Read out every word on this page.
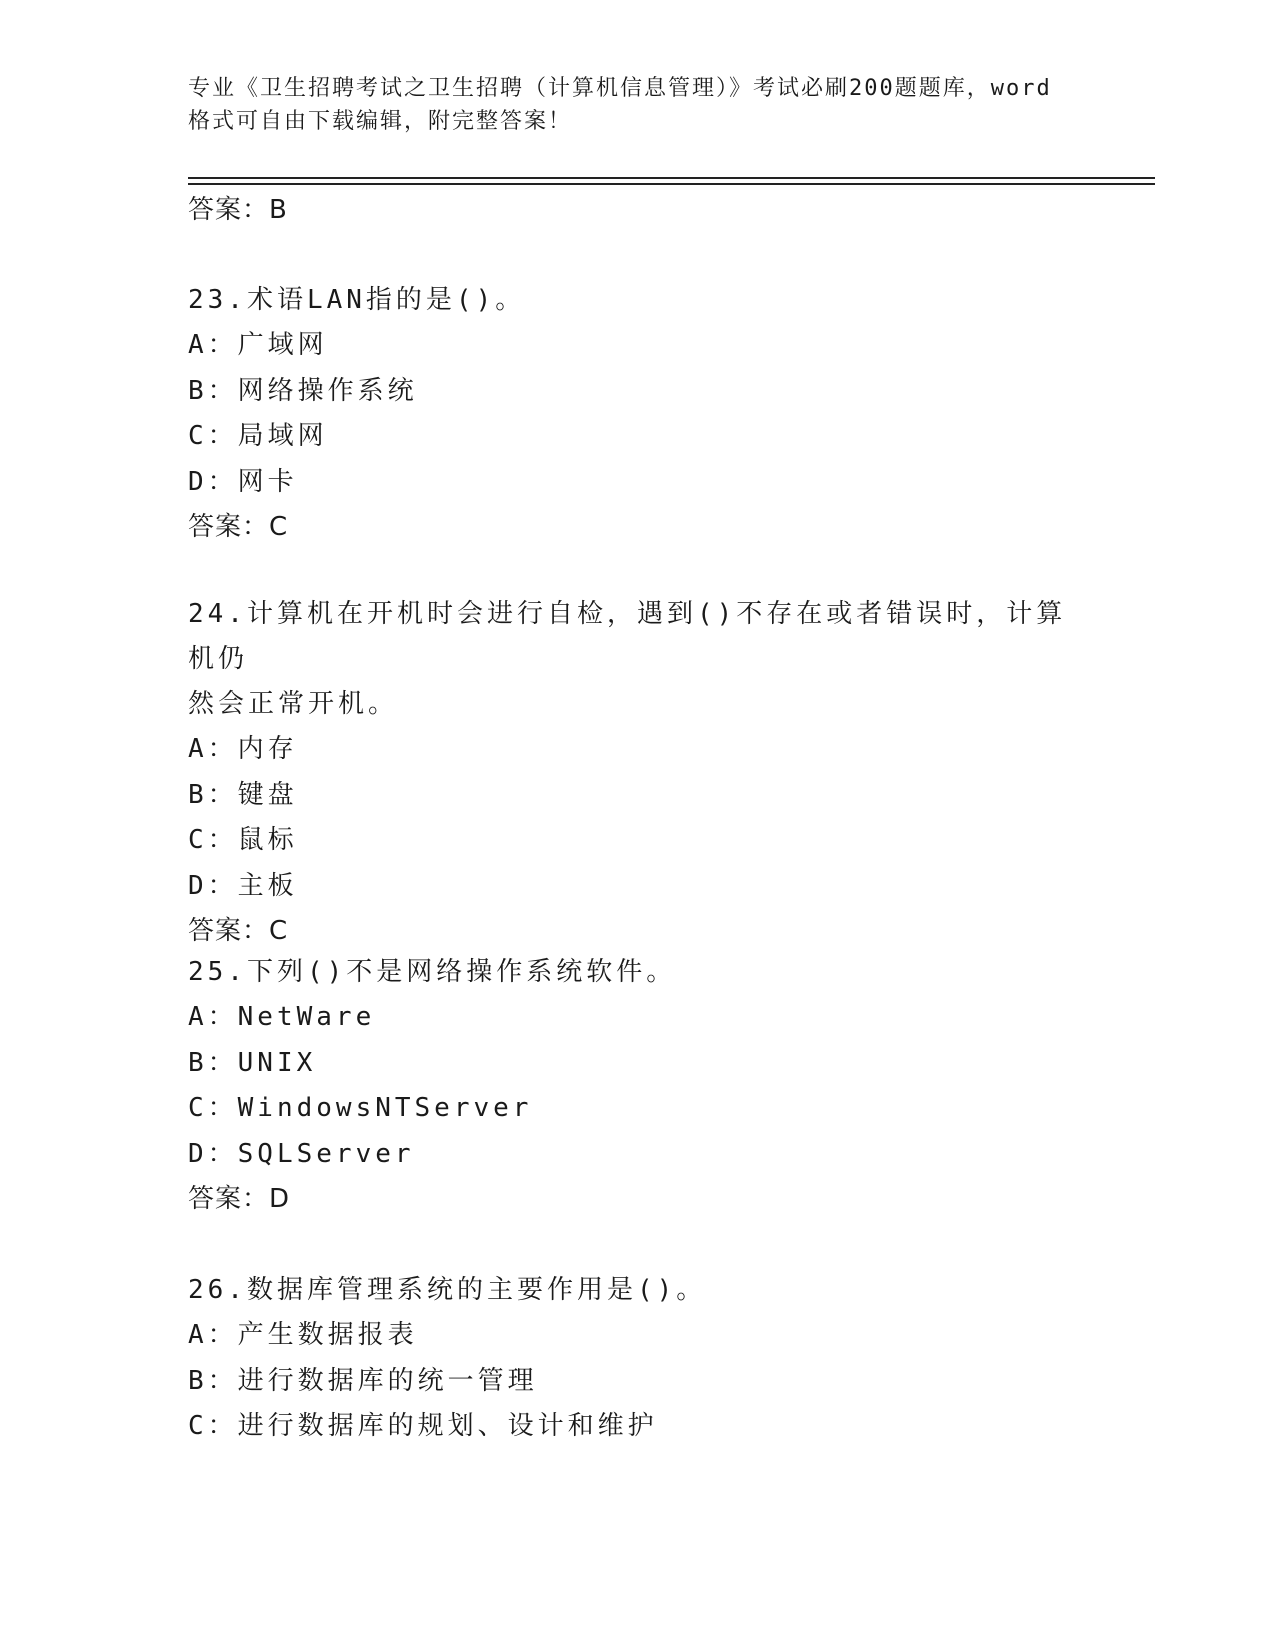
专业《卫生招聘考试之卫生招聘（计算机信息管理）》考试必刷200题题库，word
格式可自由下载编辑，附完整答案！

答案：B

23.术语LAN指的是()。

A：广域网

B：网络操作系统

C：局域网

D：网卡

答案：C

24.计算机在开机时会进行自检，遇到()不存在或者错误时，计算机仍

然会正常开机。

A：内存

B：键盘

C：鼠标

D：主板

答案：C

25.下列()不是网络操作系统软件。

A：NetWare

B：UNIX

C：WindowsNTServer

D：SQLServer

答案：D

26.数据库管理系统的主要作用是()。

A：产生数据报表

B：进行数据库的统一管理

C：进行数据库的规划、设计和维护
